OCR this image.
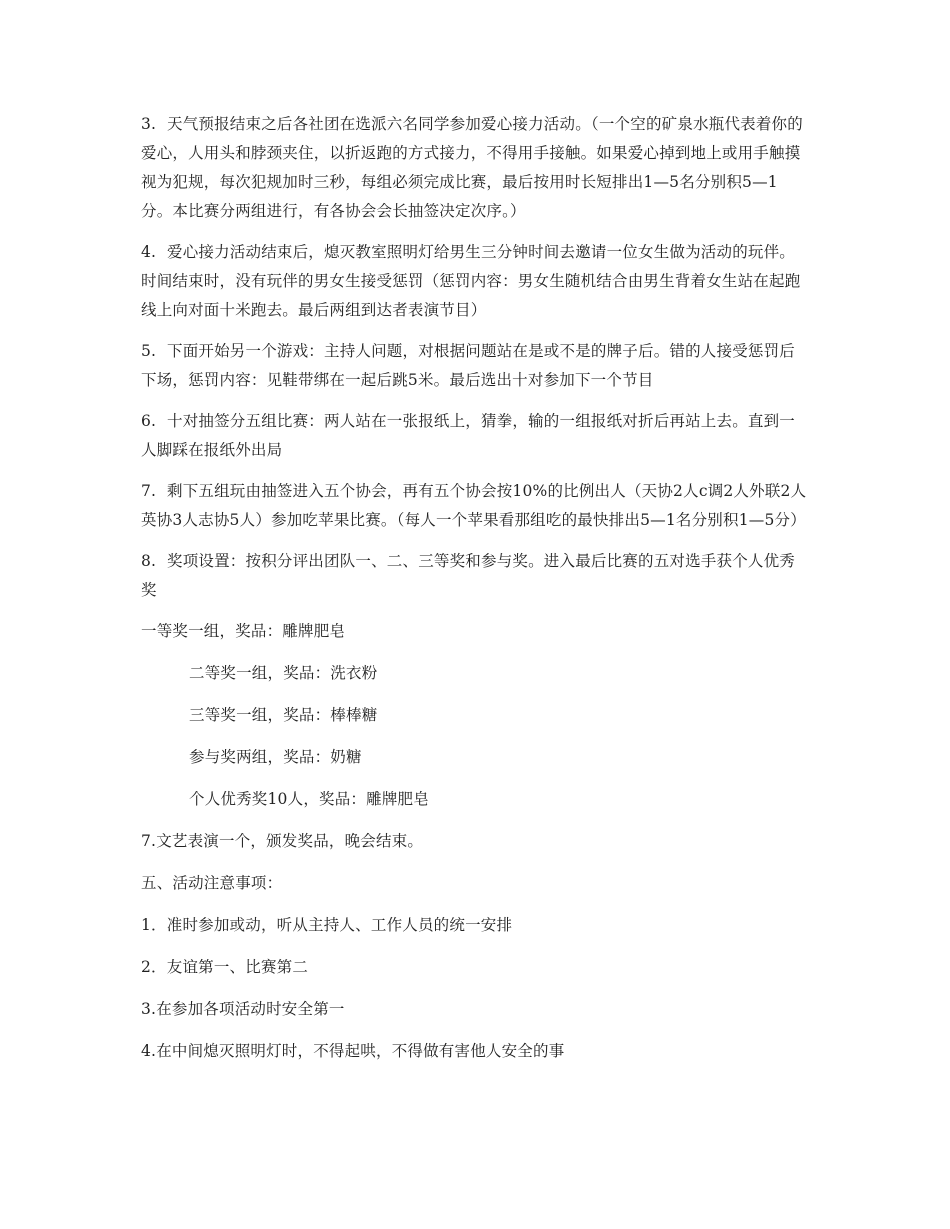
3. 天气预报结束之后各社团在选派六名同学参加爱心接力活动。（一个空的矿泉水瓶代表着你的爱心，人用头和脖颈夹住，以折返跑的方式接力，不得用手接触。如果爱心掉到地上或用手触摸视为犯规，每次犯规加时三秒，每组必须完成比赛，最后按用时长短排出1—5名分别积5—1分。本比赛分两组进行，有各协会会长抽签决定次序。）

4. 爱心接力活动结束后，熄灭教室照明灯给男生三分钟时间去邀请一位女生做为活动的玩伴。时间结束时，没有玩伴的男女生接受惩罚（惩罚内容：男女生随机结合由男生背着女生站在起跑线上向对面十米跑去。最后两组到达者表演节目）

5. 下面开始另一个游戏：主持人问题，对根据问题站在是或不是的牌子后。错的人接受惩罚后下场，惩罚内容：见鞋带绑在一起后跳5米。最后选出十对参加下一个节目

6. 十对抽签分五组比赛：两人站在一张报纸上，猜拳，输的一组报纸对折后再站上去。直到一人脚踩在报纸外出局

7. 剩下五组玩由抽签进入五个协会，再有五个协会按10%的比例出人（天协2人c调2人外联2人英协3人志协5人）参加吃苹果比赛。（每人一个苹果看那组吃的最快排出5—1名分别积1—5分）

8. 奖项设置：按积分评出团队一、二、三等奖和参与奖。进入最后比赛的五对选手获个人优秀奖

一等奖一组，奖品：雕牌肥皂

二等奖一组，奖品：洗衣粉

三等奖一组，奖品：棒棒糖

参与奖两组，奖品：奶糖

个人优秀奖10人，奖品：雕牌肥皂

7.文艺表演一个，颁发奖品，晚会结束。

五、活动注意事项：

1．准时参加或动，听从主持人、工作人员的统一安排

2．友谊第一、比赛第二

3.在参加各项活动时安全第一

4.在中间熄灭照明灯时，不得起哄，不得做有害他人安全的事
